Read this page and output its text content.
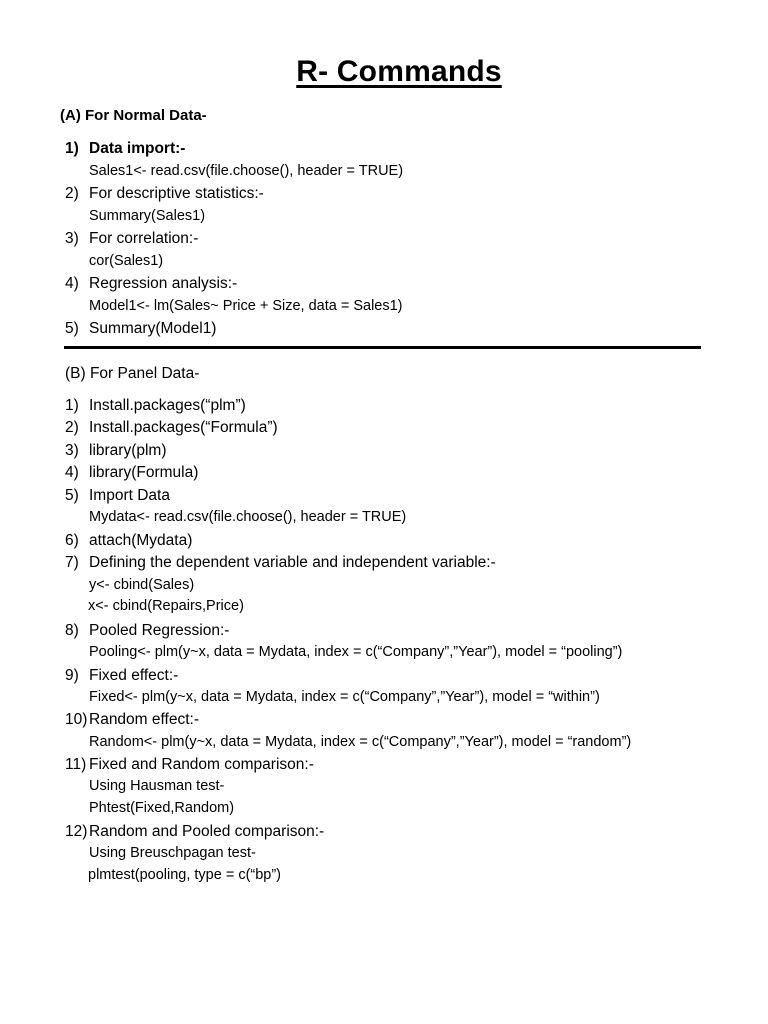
R- Commands
(A) For Normal Data-
1) Data import:-
Sales1<- read.csv(file.choose(), header = TRUE)
2) For descriptive statistics:-
Summary(Sales1)
3) For correlation:-
cor(Sales1)
4) Regression analysis:-
Model1<- lm(Sales~ Price + Size, data = Sales1)
5) Summary(Model1)
(B) For Panel Data-
1) Install.packages(“plm”)
2) Install.packages(“Formula”)
3) library(plm)
4) library(Formula)
5) Import Data
Mydata<- read.csv(file.choose(), header = TRUE)
6) attach(Mydata)
7) Defining the dependent variable and independent variable:-
y<- cbind(Sales)
x<- cbind(Repairs,Price)
8) Pooled Regression:-
Pooling<- plm(y~x, data = Mydata, index = c(“Company”,”Year”), model = “pooling”)
9) Fixed effect:-
Fixed<- plm(y~x, data = Mydata, index = c(“Company”,”Year”), model = “within”)
10) Random effect:-
Random<- plm(y~x, data = Mydata, index = c(“Company”,”Year”), model = “random”)
11) Fixed and Random comparison:-
Using Hausman test-
Phtest(Fixed,Random)
12) Random and Pooled comparison:-
Using Breuschpagan test-
plmtest(pooling, type = c(“bp”)
